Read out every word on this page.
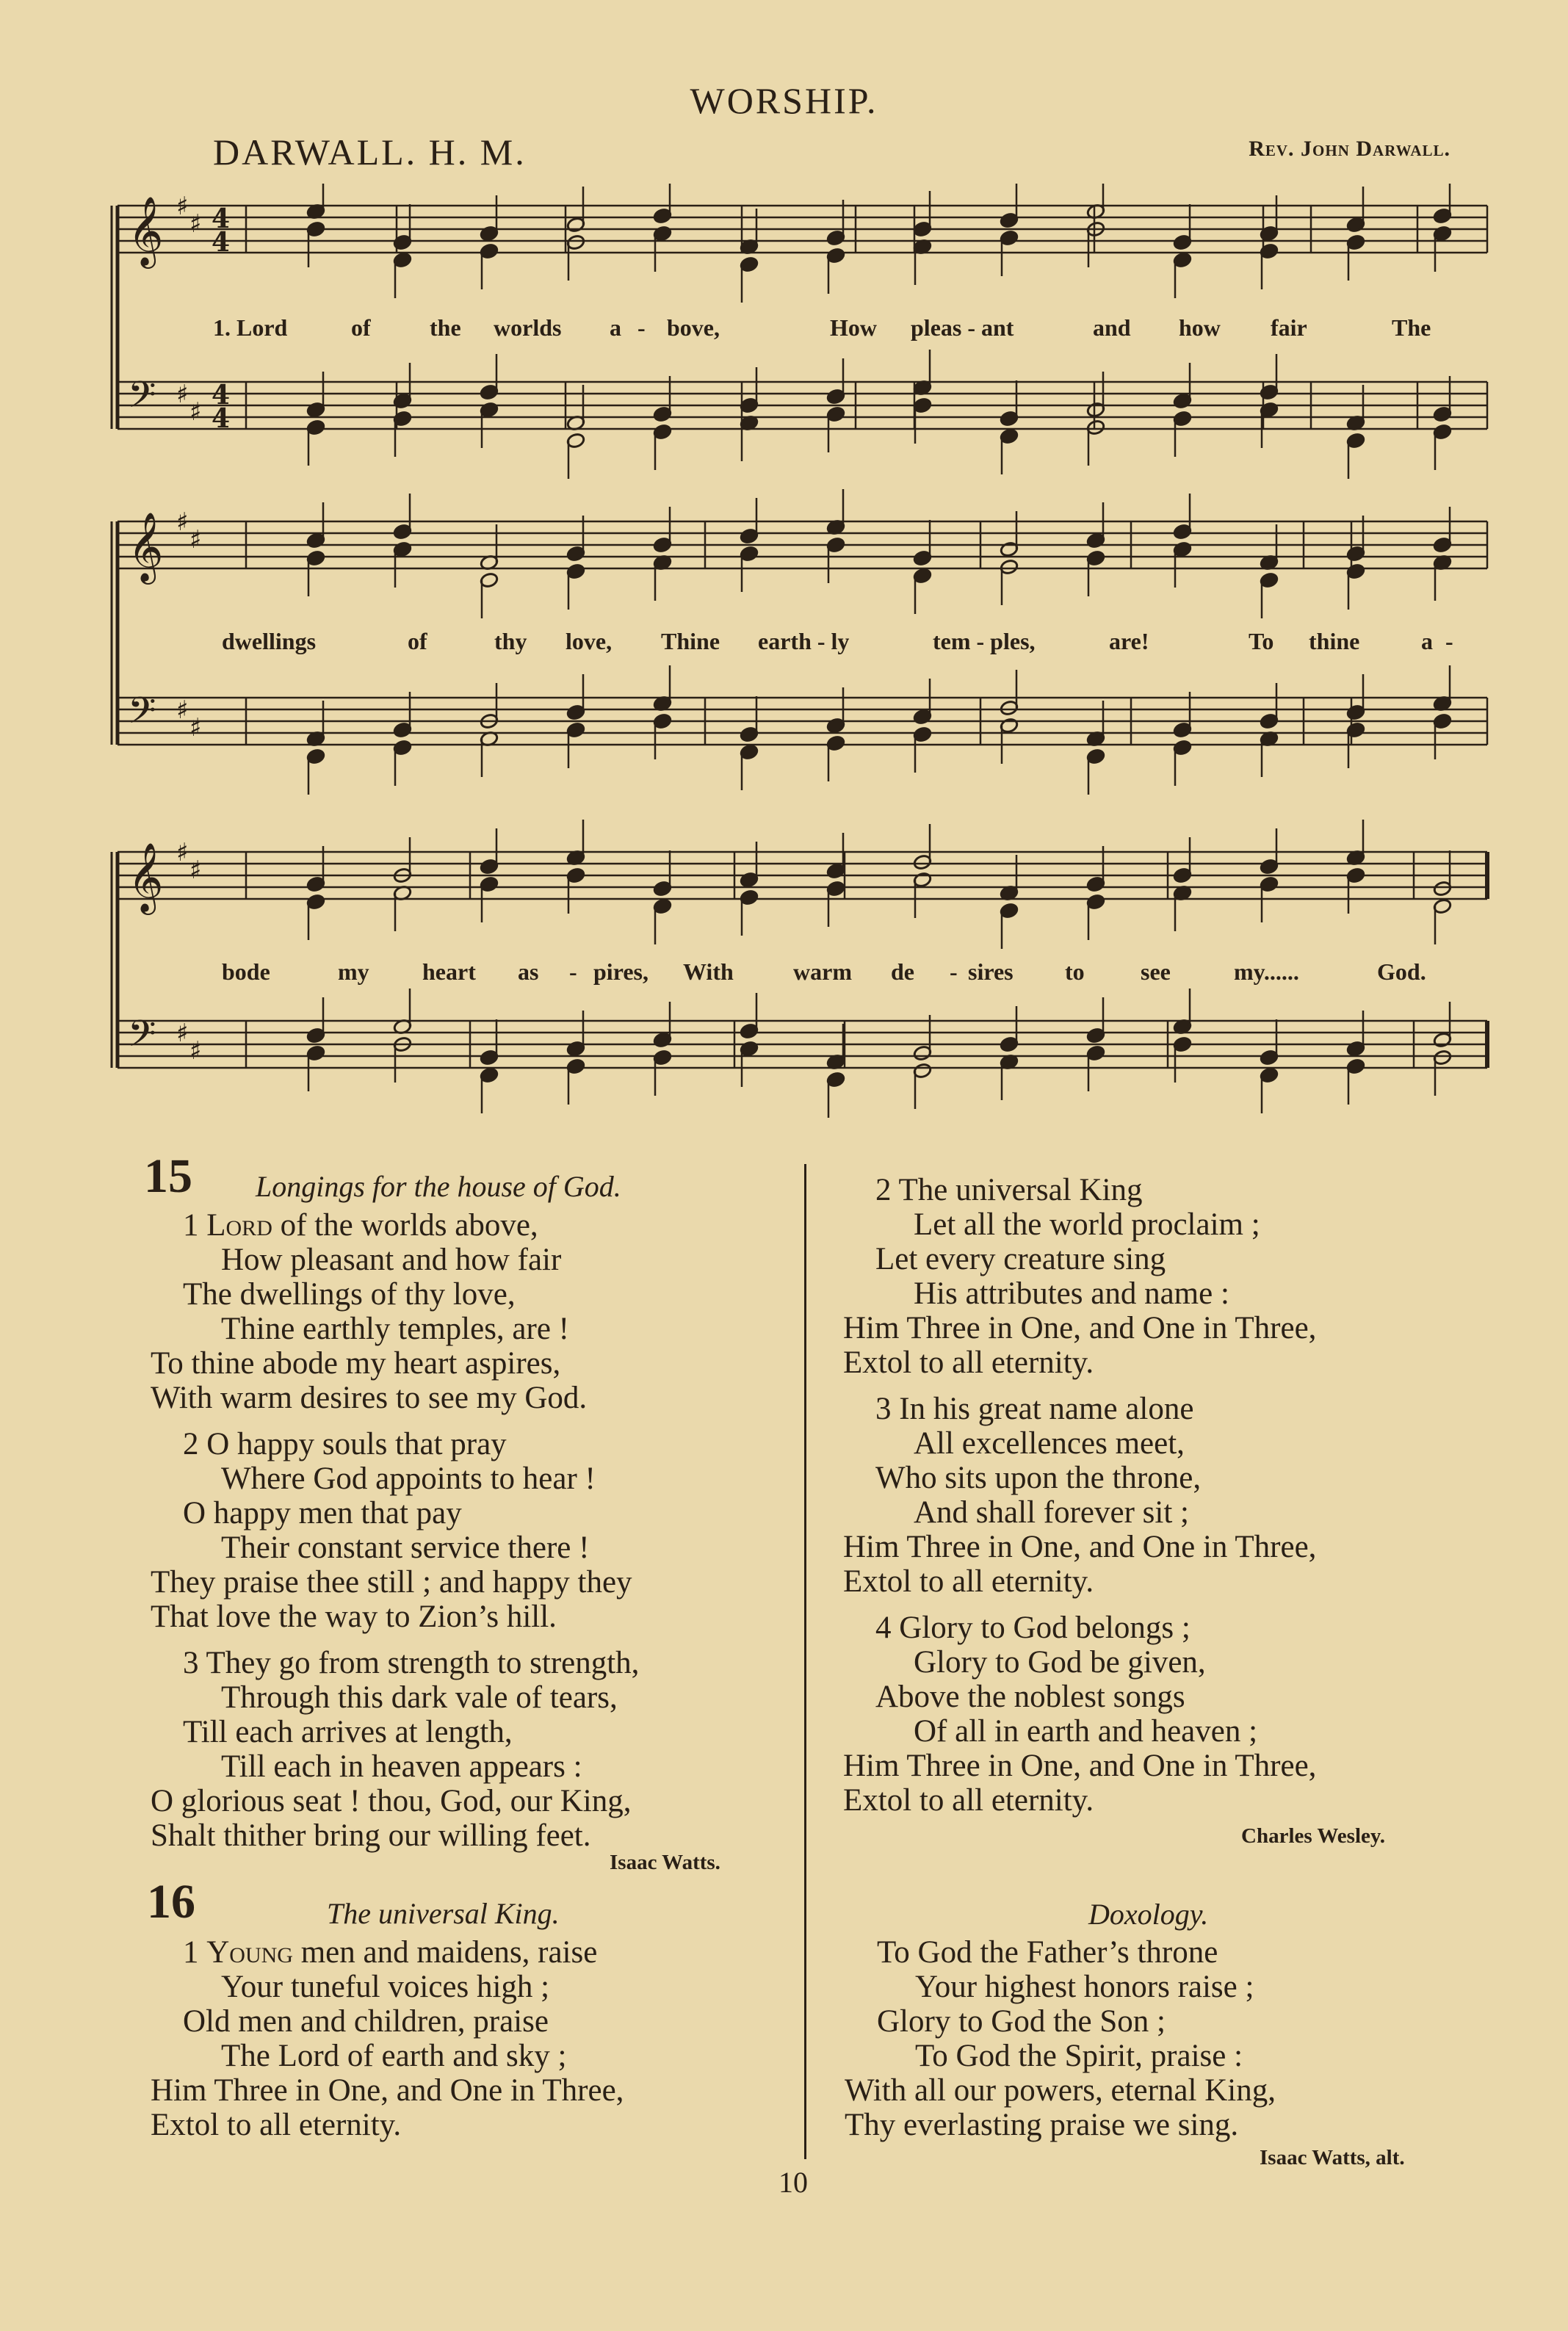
WORSHIP.
DARWALL. H. M.	Rev. John Darwall.
𝄞 ♯
♯ 4
4
𝄢 ♯
♯
4
4
𝄞 ♯
♯
𝄢 ♯
♯
𝄞 ♯
♯
𝄢 ♯
♯
1. Lord	of	the worlds a - bove,	How pleas - ant	and how fair	The
dwellings	of	thy love, Thine earth - ly	tem - ples,	are!	To thine	a -
bode	my heart as - pires, With	warm de - sires to see	my......	God.
15 Longings for the house of God.
1 Lord of the worlds above,
How pleasant and how fair
The dwellings of thy love,
Thine earthly temples, are !
To thine abode my heart aspires,
With warm desires to see my God.
2 O happy souls that pray
Where God appoints to hear !
O happy men that pay
Their constant service there !
They praise thee still ; and happy they
That love the way to Zion’s hill.
3 They go from strength to strength,
Through this dark vale of tears,
Till each arrives at length,
Till each in heaven appears :
O glorious seat ! thou, God, our King,
Shalt thither bring our willing feet.
Isaac Watts.
16	The universal King.
1 Young men and maidens, raise
Your tuneful voices high ;
Old men and children, praise
The Lord of earth and sky ;
Him Three in One, and One in Three,
Extol to all eternity.
2 The universal King
Let all the world proclaim ;
Let every creature sing
His attributes and name :
Him Three in One, and One in Three,
Extol to all eternity.
3 In his great name alone
All excellences meet,
Who sits upon the throne,
And shall forever sit ;
Him Three in One, and One in Three,
Extol to all eternity.
4 Glory to God belongs ;
Glory to God be given,
Above the noblest songs
Of all in earth and heaven ;
Him Three in One, and One in Three,
Extol to all eternity.
Charles Wesley.
Doxology.
To God the Father’s throne
Your highest honors raise ;
Glory to God the Son ;
To God the Spirit, praise :
With all our powers, eternal King,
Thy everlasting praise we sing.
Isaac Watts, alt.
10
